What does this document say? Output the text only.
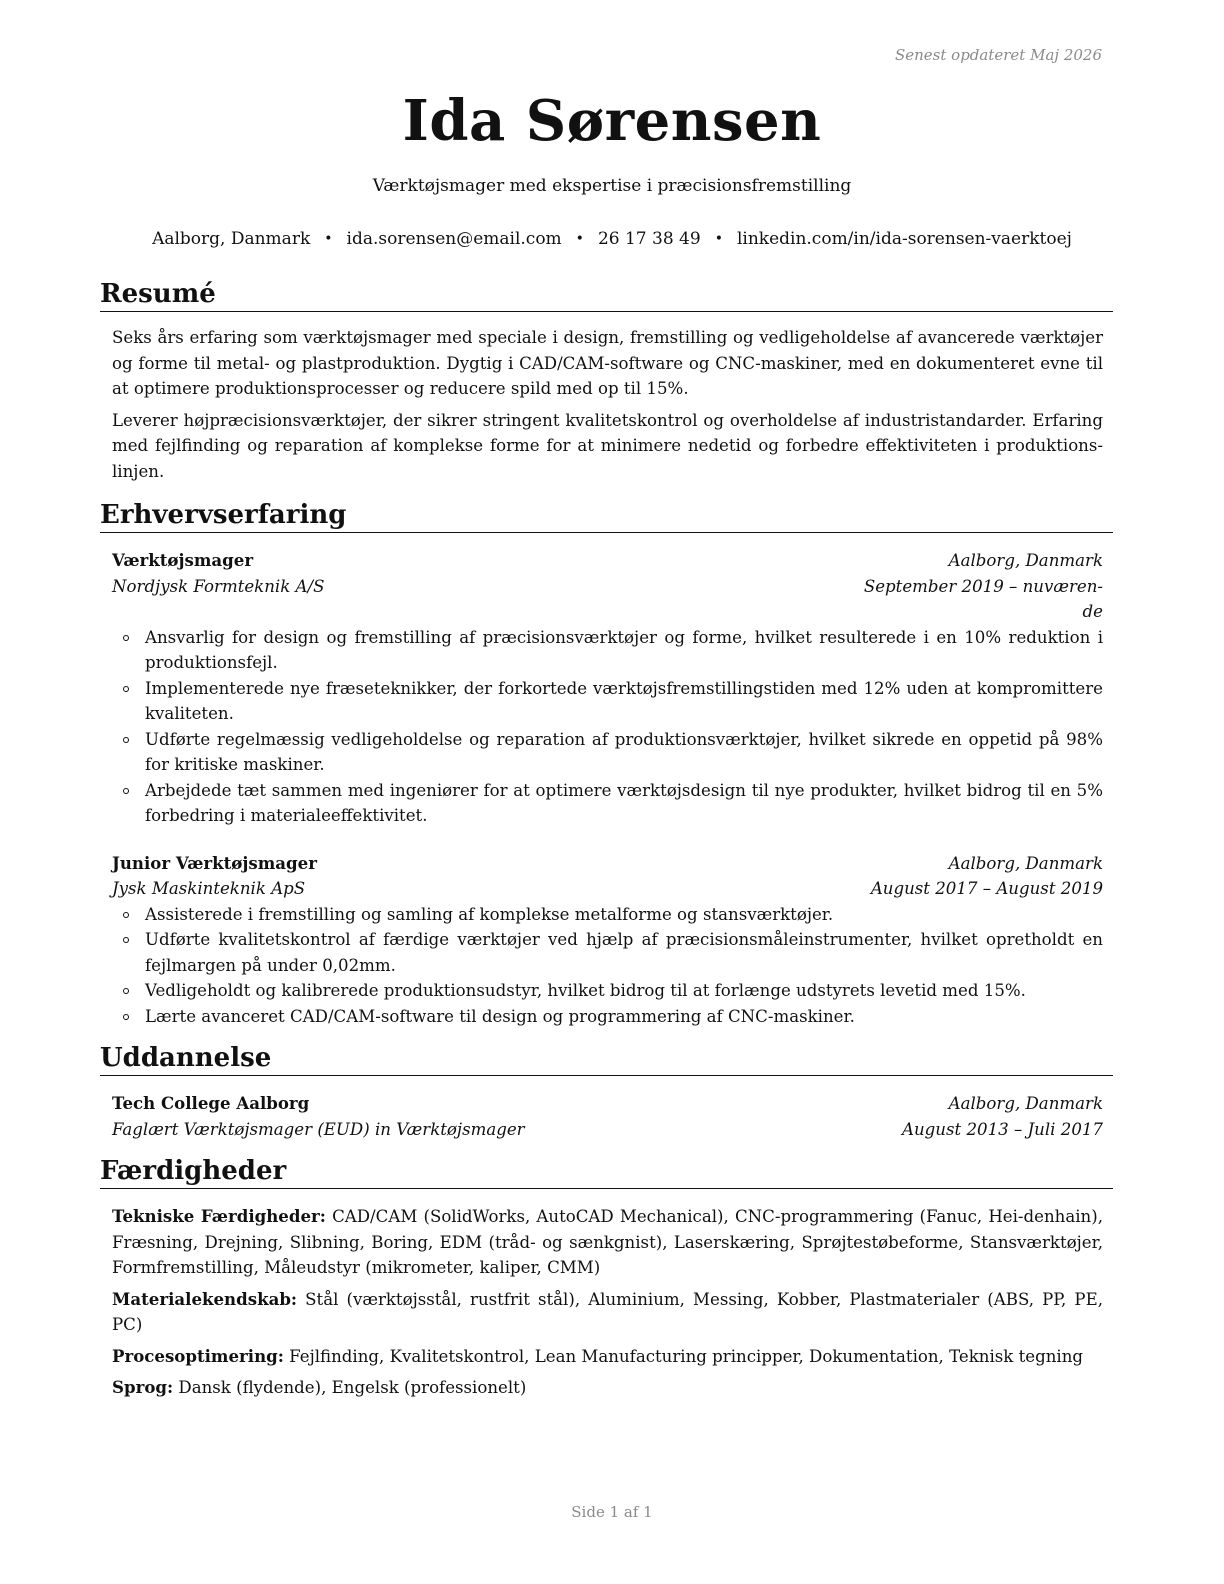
Senest opdateret Maj 2026
Ida Sørensen
Værktøjsmager med ekspertise i præcisionsfremstilling
Aalborg, Danmark • ida.sorensen@email.com • 26 17 38 49 • linkedin.com/in/ida-sorensen-vaerktoej
Resumé

Seks års erfaring som værktøjsmager med speciale i design, fremstilling og vedligeholdelse af avancerede værktøjer og forme til metal- og plastproduktion. Dygtig i CAD/CAM-software og CNC-maskiner, med en dokumenteret evne til at optimere produktionsprocesser og reducere spild med op til 15%.

Leverer højpræcisionsværktøjer, der sikrer stringent kvalitetskontrol og overholdelse af industristandarder. Erfaring med fejlfinding og reparation af komplekse forme for at minimere nedetid og forbedre effektiviteten i produktions-linjen.

Erhvervserfaring
Værktøjsmager	Aalborg, Danmark
Nordjysk Formteknik A/S	September 2019 – nuværen-de
Ansvarlig for design og fremstilling af præcisionsværktøjer og forme, hvilket resulterede i en 10% reduktion i produktionsfejl.
Implementerede nye fræseteknikker, der forkortede værktøjsfremstillingstiden med 12% uden at kompromittere kvaliteten.
Udførte regelmæssig vedligeholdelse og reparation af produktionsværktøjer, hvilket sikrede en oppetid på 98% for kritiske maskiner.
Arbejdede tæt sammen med ingeniører for at optimere værktøjsdesign til nye produkter, hvilket bidrog til en 5% forbedring i materialeeffektivitet.
Junior Værktøjsmager	Aalborg, Danmark
Jysk Maskinteknik ApS	August 2017 – August 2019
Assisterede i fremstilling og samling af komplekse metalforme og stansværktøjer.
Udførte kvalitetskontrol af færdige værktøjer ved hjælp af præcisionsmåleinstrumenter, hvilket opretholdt en fejlmargen på under 0,02mm.
Vedligeholdt og kalibrerede produktionsudstyr, hvilket bidrog til at forlænge udstyrets levetid med 15%.
Lærte avanceret CAD/CAM-software til design og programmering af CNC-maskiner.
Uddannelse
Tech College Aalborg	Aalborg, Danmark
Faglært Værktøjsmager (EUD) in Værktøjsmager	August 2013 – Juli 2017
Færdigheder

Tekniske Færdigheder: CAD/CAM (SolidWorks, AutoCAD Mechanical), CNC-programmering (Fanuc, Hei-denhain), Fræsning, Drejning, Slibning, Boring, EDM (tråd- og sænkgnist), Laserskæring, Sprøjtestøbeforme, Stansværktøjer, Formfremstilling, Måleudstyr (mikrometer, kaliper, CMM)

Materialekendskab: Stål (værktøjsstål, rustfrit stål), Aluminium, Messing, Kobber, Plastmaterialer (ABS, PP, PE, PC)

Procesoptimering: Fejlfinding, Kvalitetskontrol, Lean Manufacturing principper, Dokumentation, Teknisk tegning

Sprog: Dansk (flydende), Engelsk (professionelt)

Side 1 af 1
